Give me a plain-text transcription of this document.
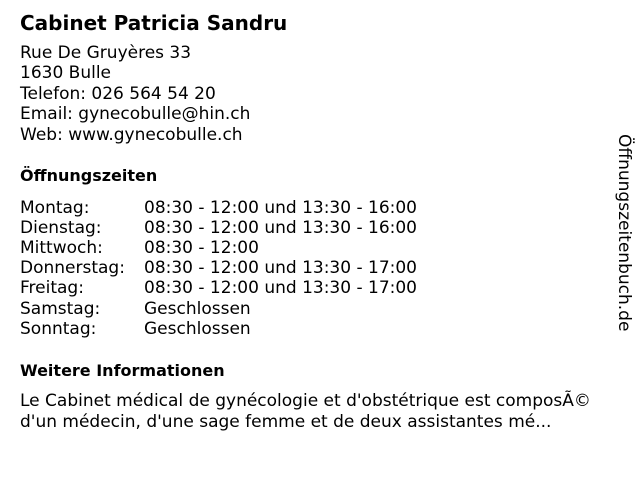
Cabinet Patricia Sandru
Rue De Gruyères 33
1630 Bulle
Telefon: 026 564 54 20
Email: gynecobulle@hin.ch
Web: www.gynecobulle.ch
Öffnungszeiten
Montag:	08:30 - 12:00 und 13:30 - 16:00
Dienstag:	08:30 - 12:00 und 13:30 - 16:00
Mittwoch:	08:30 - 12:00
Donnerstag:	08:30 - 12:00 und 13:30 - 17:00
Freitag:	08:30 - 12:00 und 13:30 - 17:00
Samstag:	Geschlossen
Sonntag:	Geschlossen
Weitere Informationen
Le Cabinet médical de gynécologie et d'obstétrique est composÃ© d'un médecin, d'une sage femme et de deux assistantes mé...
Öffnungszeitenbuch.de
